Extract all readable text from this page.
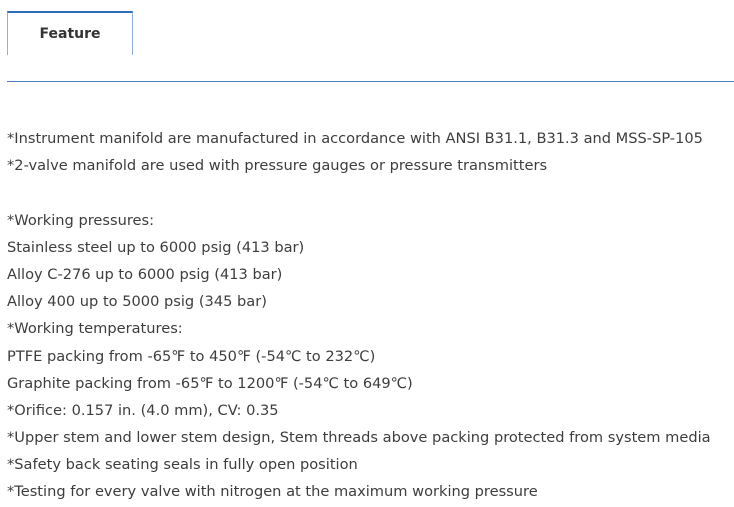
Feature
*Instrument manifold are manufactured in accordance with ANSI B31.1, B31.3 and MSS-SP-105
*2-valve manifold are used with pressure gauges or pressure transmitters
*Working pressures:
Stainless steel up to 6000 psig (413 bar)
Alloy C-276 up to 6000 psig (413 bar)
Alloy 400 up to 5000 psig (345 bar)
*Working temperatures:
PTFE packing from -65℉ to 450℉ (-54℃ to 232℃)
Graphite packing from -65℉ to 1200℉ (-54℃ to 649℃)
*Orifice: 0.157 in. (4.0 mm), CV: 0.35
*Upper stem and lower stem design, Stem threads above packing protected from system media
*Safety back seating seals in fully open position
*Testing for every valve with nitrogen at the maximum working pressure
